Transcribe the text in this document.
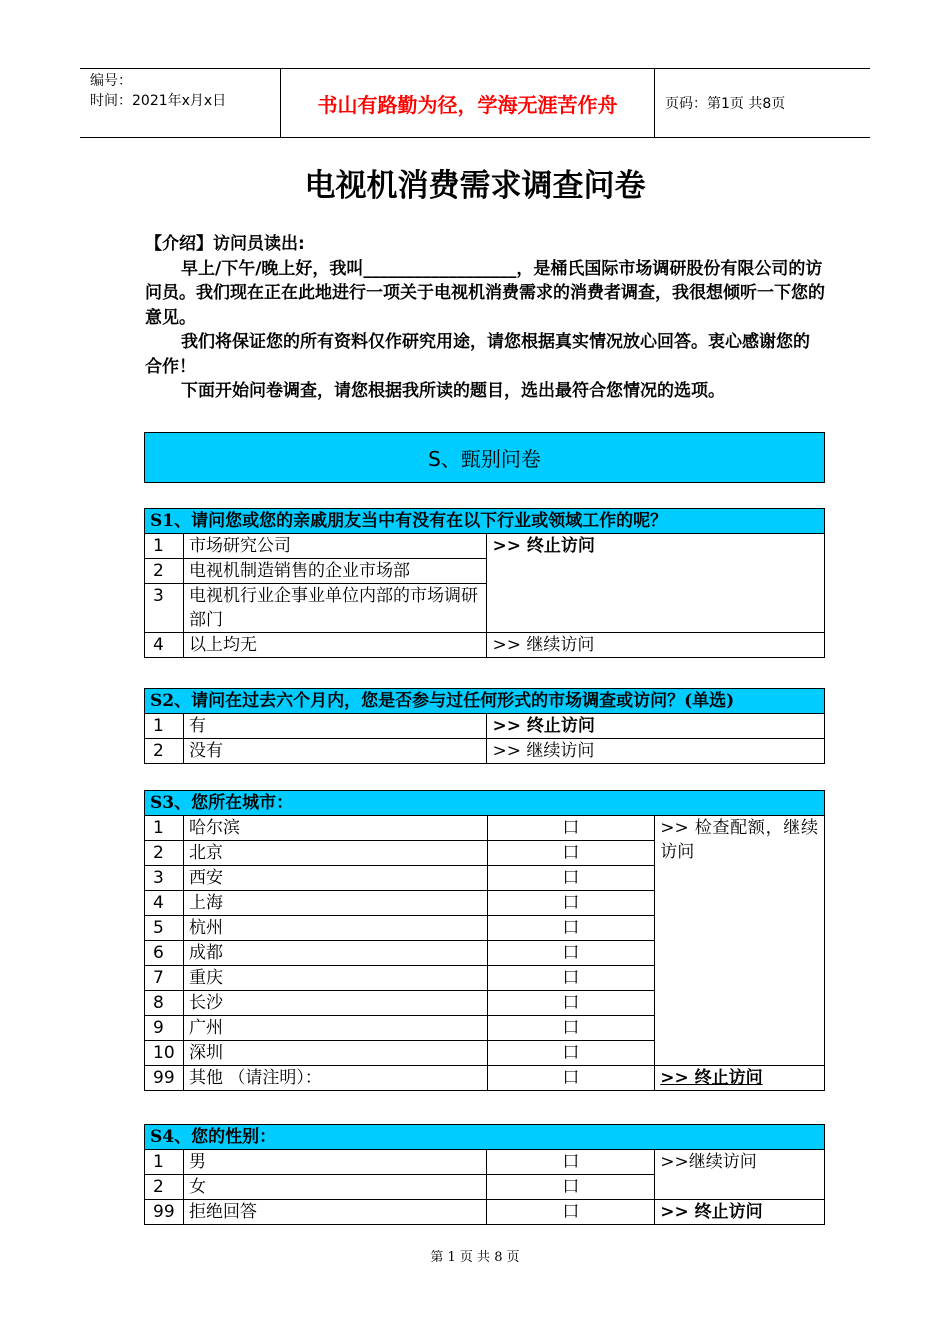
编号：
时间：2021年x月x日	书山有路勤为径，学海无涯苦作舟	页码：第1页 共8页
电视机消费需求调查问卷

【介绍】访问员读出:

早上/下午/晚上好，我叫__________________，是桶氏国际市场调研股份有限公司的访问员。我们现在正在此地进行一项关于电视机消费需求的消费者调查，我很想倾听一下您的意见。

我们将保证您的所有资料仅作研究用途，请您根据真实情况放心回答。衷心感谢您的合作！

下面开始问卷调查，请您根据我所读的题目，选出最符合您情况的选项。

S、甄别问卷
S1、请问您或您的亲戚朋友当中有没有在以下行业或领域工作的呢？		
1	市场研究公司	>> 终止访问
2	电视机制造销售的企业市场部	
3	电视机行业企事业单位内部的市场调研部门	
4	以上均无	>> 继续访问
S2、请问在过去六个月内，您是否参与过任何形式的市场调查或访问？(单选)		
1	有	>> 终止访问
2	没有	>> 继续访问
S3、您所在城市：			
1	哈尔滨	口	>> 检查配额，继续访问
2	北京	口	
3	西安	口	
4	上海	口	
5	杭州	口	
6	成都	口	
7	重庆	口	
8	长沙	口	
9	广州	口	
10	深圳	口	
99	其他 （请注明）：	口	>> 终止访问
S4、您的性别：			
1	男	口	>>继续访问
2	女	口	
99	拒绝回答	口	>> 终止访问
第 1 页 共 8 页
